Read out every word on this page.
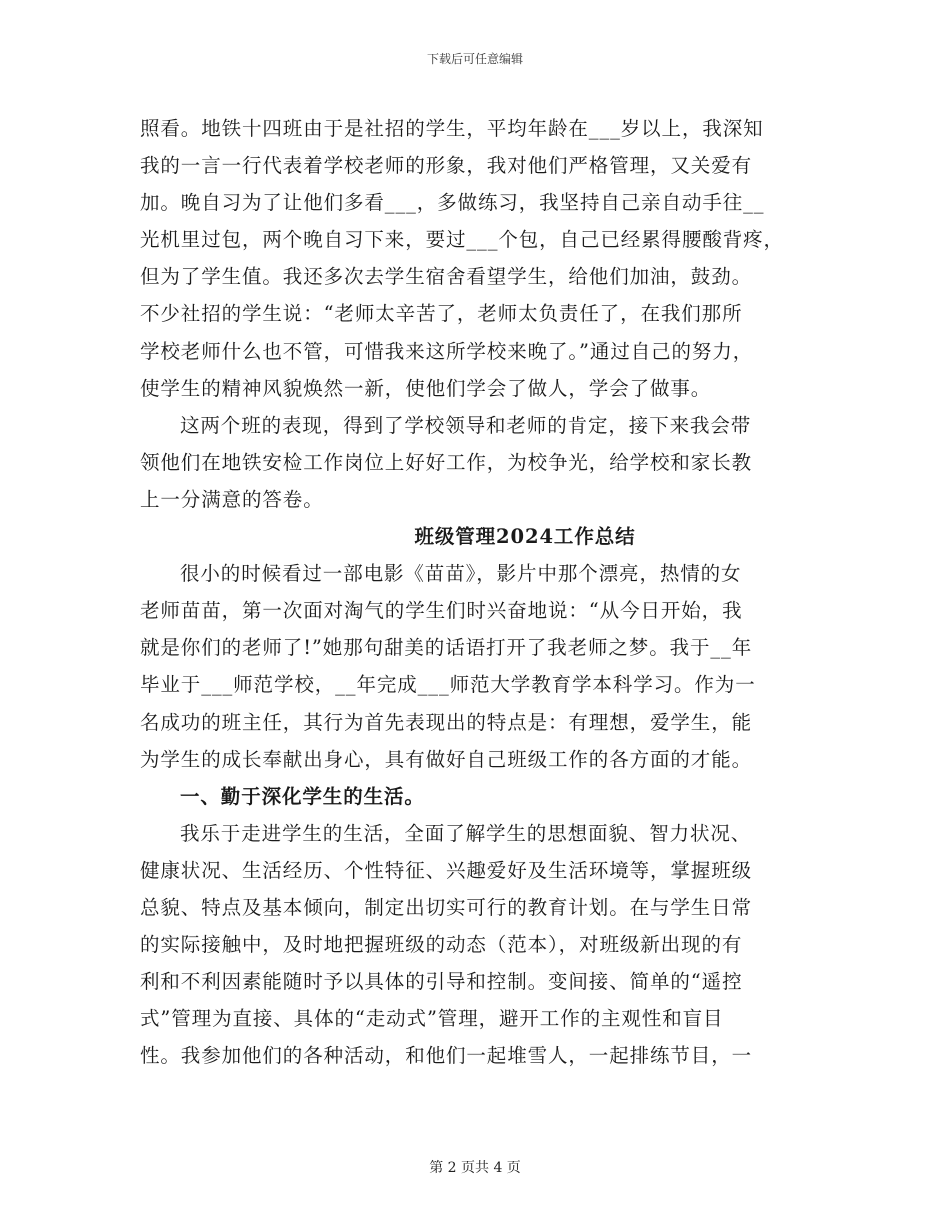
下载后可任意编辑
照看。地铁十四班由于是社招的学生，平均年龄在___岁以上，我深知
我的一言一行代表着学校老师的形象，我对他们严格管理，又关爱有
加。晚自习为了让他们多看___，多做练习，我坚持自己亲自动手往__
光机里过包，两个晚自习下来，要过___个包，自己已经累得腰酸背疼，
但为了学生值。我还多次去学生宿舍看望学生，给他们加油，鼓劲。
不少社招的学生说：“老师太辛苦了，老师太负责任了，在我们那所
学校老师什么也不管，可惜我来这所学校来晚了。”通过自己的努力，
使学生的精神风貌焕然一新，使他们学会了做人，学会了做事。
这两个班的表现，得到了学校领导和老师的肯定，接下来我会带
领他们在地铁安检工作岗位上好好工作，为校争光，给学校和家长教
上一分满意的答卷。
班级管理2024工作总结
很小的时候看过一部电影《苗苗》，影片中那个漂亮，热情的女
老师苗苗，第一次面对淘气的学生们时兴奋地说：“从今日开始，我
就是你们的老师了!”她那句甜美的话语打开了我老师之梦。我于__年
毕业于___师范学校，__年完成___师范大学教育学本科学习。作为一
名成功的班主任，其行为首先表现出的特点是：有理想，爱学生，能
为学生的成长奉献出身心，具有做好自己班级工作的各方面的才能。
一、勤于深化学生的生活。
我乐于走进学生的生活，全面了解学生的思想面貌、智力状况、
健康状况、生活经历、个性特征、兴趣爱好及生活环境等，掌握班级
总貌、特点及基本倾向，制定出切实可行的教育计划。在与学生日常
的实际接触中，及时地把握班级的动态（范本），对班级新出现的有
利和不利因素能随时予以具体的引导和控制。变间接、简单的“遥控
式”管理为直接、具体的“走动式”管理，避开工作的主观性和盲目
性。我参加他们的各种活动，和他们一起堆雪人，一起排练节目，一
第 2 页共 4 页
